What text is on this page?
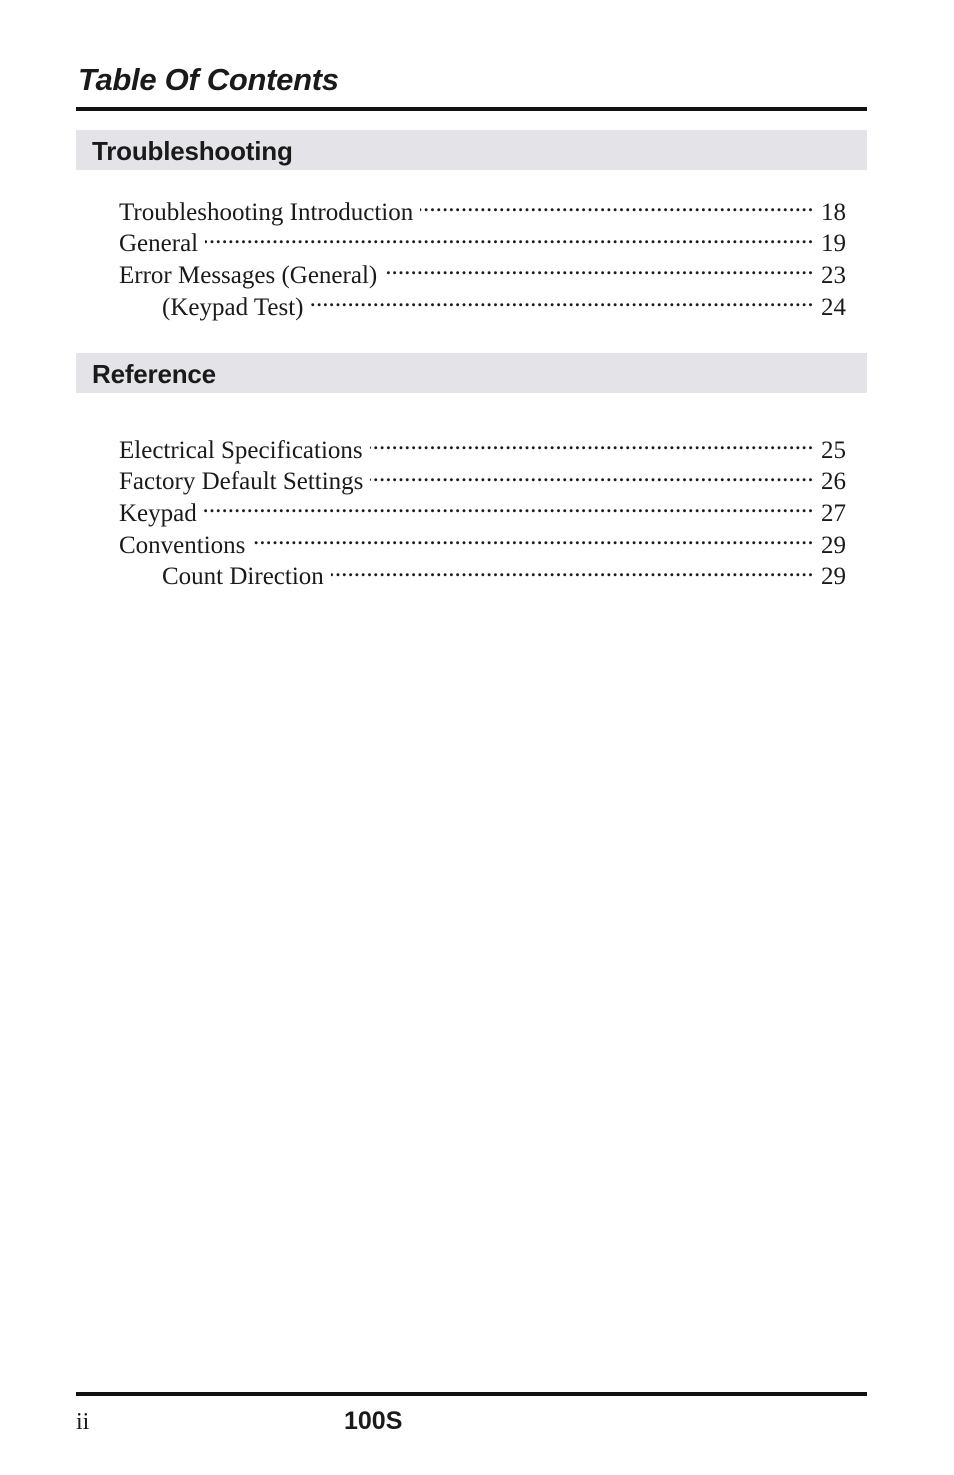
Table Of Contents
Troubleshooting
Troubleshooting Introduction . . .	18
General . . .	19
Error Messages (General) . . .	23
(Keypad Test) . . .	24
Reference
Electrical Specifications . . .	25
Factory Default Settings . . .	26
Keypad . . .	27
Conventions . . .	29
Count Direction . . .	29
ii	100S
